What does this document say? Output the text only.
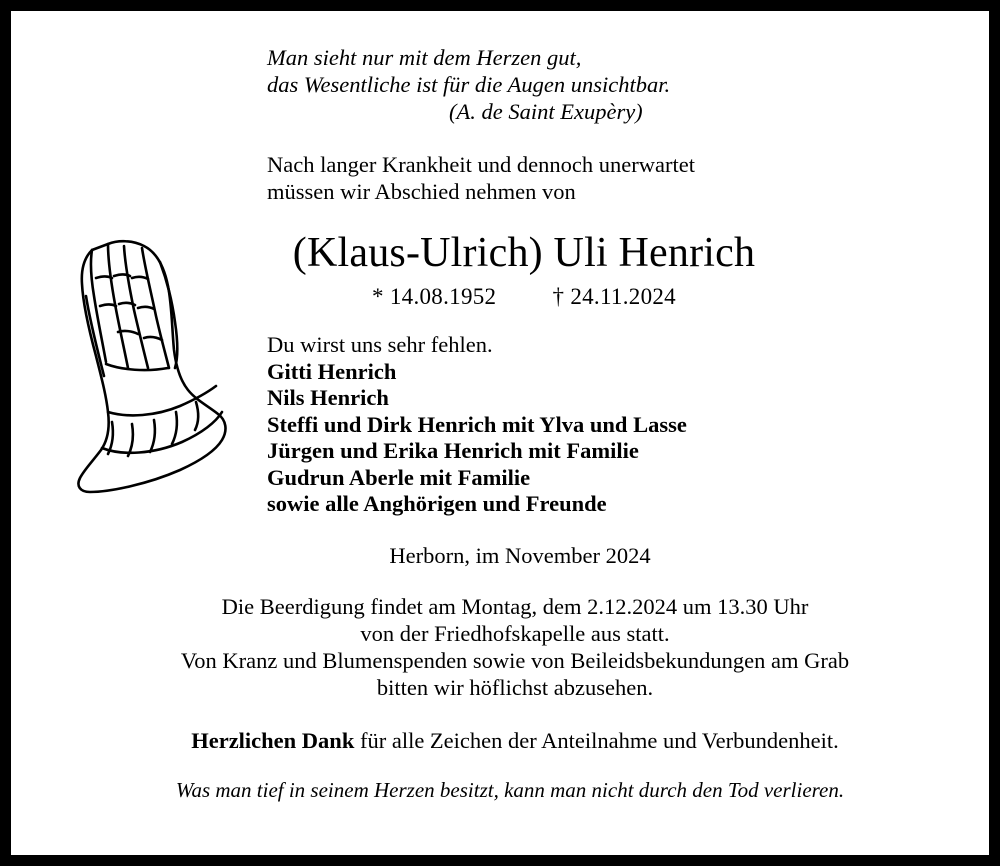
Man sieht nur mit dem Herzen gut,
das Wesentliche ist für die Augen unsichtbar.
(A. de Saint Exupèry)
Nach langer Krankheit und dennoch unerwartet
müssen wir Abschied nehmen von
(Klaus-Ulrich) Uli Henrich
* 14.08.1952 † 24.11.2024
Du wirst uns sehr fehlen.
Gitti Henrich
Nils Henrich
Steffi und Dirk Henrich mit Ylva und Lasse
Jürgen und Erika Henrich mit Familie
Gudrun Aberle mit Familie
sowie alle Anghörigen und Freunde
Herborn, im November 2024
Die Beerdigung findet am Montag, dem 2.12.2024 um 13.30 Uhr
von der Friedhofskapelle aus statt.
Von Kranz und Blumenspenden sowie von Beileidsbekundungen am Grab
bitten wir höflichst abzusehen.
Herzlichen Dank für alle Zeichen der Anteilnahme und Verbundenheit.
Was man tief in seinem Herzen besitzt, kann man nicht durch den Tod verlieren.
